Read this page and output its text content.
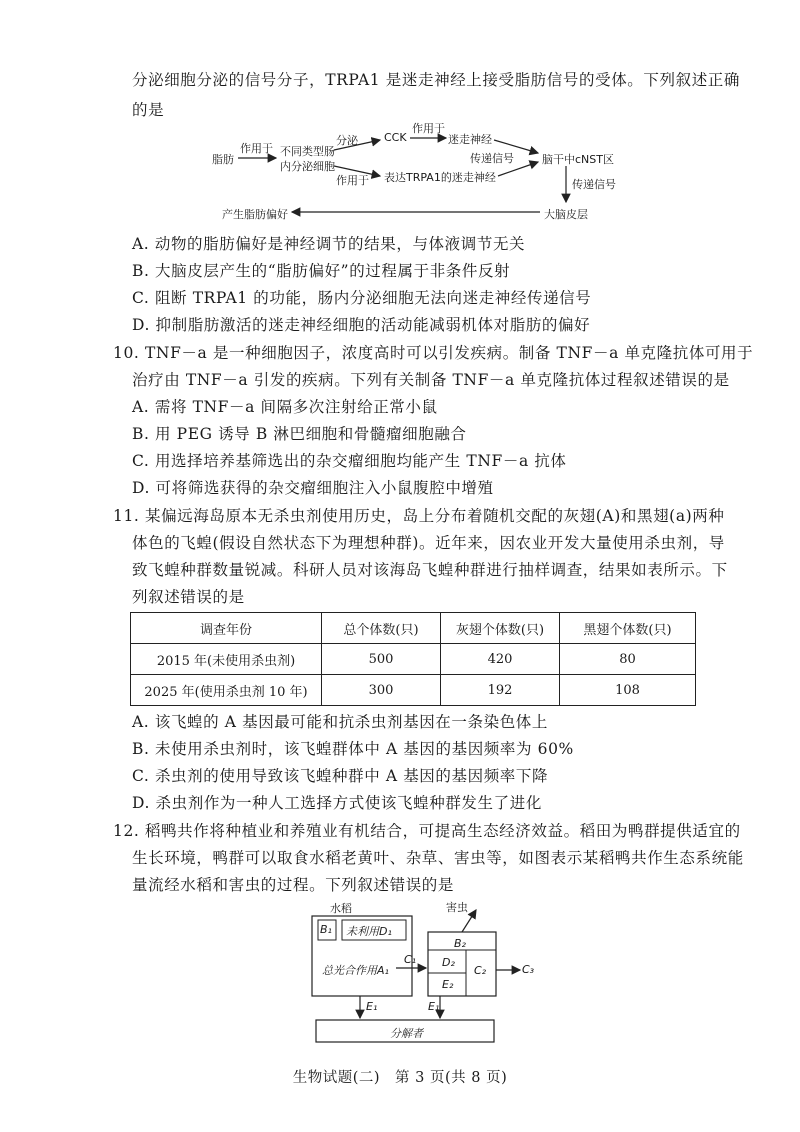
分泌细胞分泌的信号分子，TRPA1 是迷走神经上接受脂肪信号的受体。下列叙述正确
的是
脂肪
作用于 不同类型肠
内分泌细胞
分泌 CCK
作用于
迷走神经
作用于 表达TRPA1的迷走神经
传递信号	脑干中cNST区
传递信号
大脑皮层
产生脂肪偏好
A. 动物的脂肪偏好是神经调节的结果，与体液调节无关
B. 大脑皮层产生的“脂肪偏好”的过程属于非条件反射
C. 阻断 TRPA1 的功能，肠内分泌细胞无法向迷走神经传递信号
D. 抑制脂肪激活的迷走神经细胞的活动能减弱机体对脂肪的偏好
10. TNF－a 是一种细胞因子，浓度高时可以引发疾病。制备 TNF－a 单克隆抗体可用于
治疗由 TNF－a 引发的疾病。下列有关制备 TNF－a 单克隆抗体过程叙述错误的是
A. 需将 TNF－a 间隔多次注射给正常小鼠
B. 用 PEG 诱导 B 淋巴细胞和骨髓瘤细胞融合
C. 用选择培养基筛选出的杂交瘤细胞均能产生 TNF－a 抗体
D. 可将筛选获得的杂交瘤细胞注入小鼠腹腔中增殖
11. 某偏远海岛原本无杀虫剂使用历史，岛上分布着随机交配的灰翅(A)和黑翅(a)两种
体色的飞蝗(假设自然状态下为理想种群)。近年来，因农业开发大量使用杀虫剂，导
致飞蝗种群数量锐减。科研人员对该海岛飞蝗种群进行抽样调查，结果如表所示。下
列叙述错误的是
调查年份	总个体数(只)	灰翅个体数(只)	黑翅个体数(只)
2015 年(未使用杀虫剂)	500	420	80
2025 年(使用杀虫剂 10 年)	300	192	108
A. 该飞蝗的 A 基因最可能和抗杀虫剂基因在一条染色体上
B. 未使用杀虫剂时，该飞蝗群体中 A 基因的基因频率为 60%
C. 杀虫剂的使用导致该飞蝗种群中 A 基因的基因频率下降
D. 杀虫剂作为一种人工选择方式使该飞蝗种群发生了进化
12. 稻鸭共作将种植业和养殖业有机结合，可提高生态经济效益。稻田为鸭群提供适宜的
生长环境，鸭群可以取食水稻老黄叶、杂草、害虫等，如图表示某稻鸭共作生态系统能
量流经水稻和害虫的过程。下列叙述错误的是
水稻	害虫
B₁ 未利用D₁
总光合作用A₁
C₁
B₂
D₂
E₂
C₂	C₃
E₁	E₁
分解者
生物试题(二)　第 3 页(共 8 页)
